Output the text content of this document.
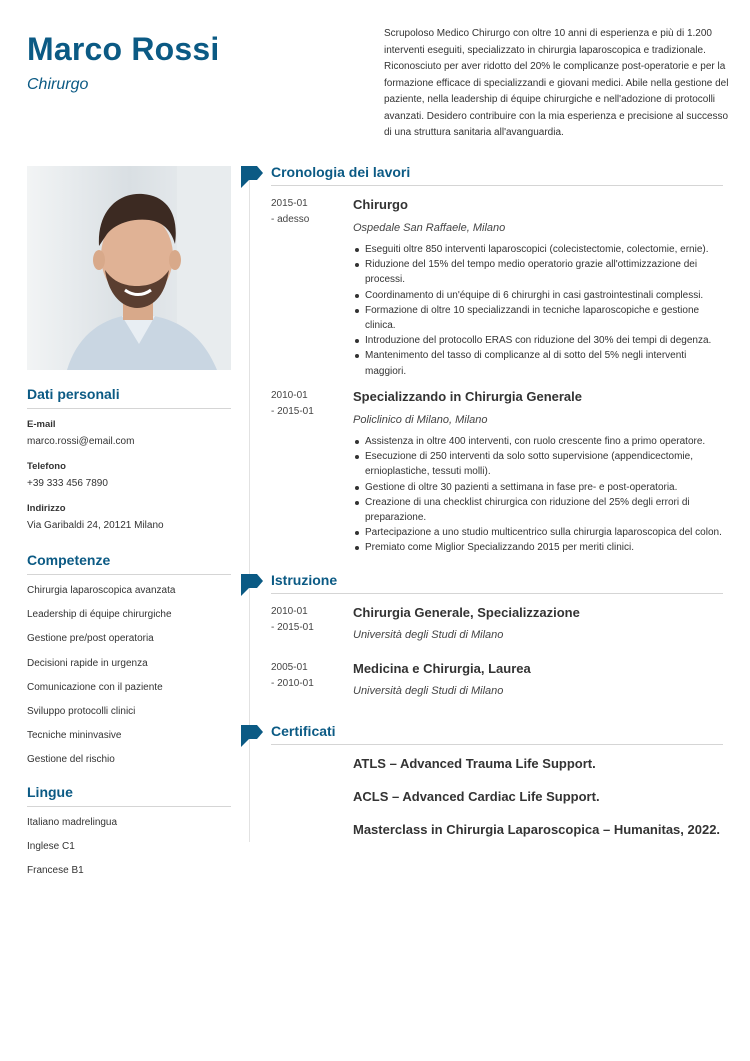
Marco Rossi
Chirurgo
Scrupoloso Medico Chirurgo con oltre 10 anni di esperienza e più di 1.200 interventi eseguiti, specializzato in chirurgia laparoscopica e tradizionale. Riconosciuto per aver ridotto del 20% le complicanze post-operatorie e per la formazione efficace di specializzandi e giovani medici. Abile nella gestione del paziente, nella leadership di équipe chirurgiche e nell'adozione di protocolli avanzati. Desidero contribuire con la mia esperienza e precisione al successo di una struttura sanitaria all'avanguardia.
Dati personali
E-mail
marco.rossi@email.com
Telefono
+39 333 456 7890
Indirizzo
Via Garibaldi 24, 20121 Milano
Competenze
Chirurgia laparoscopica avanzata
Leadership di équipe chirurgiche
Gestione pre/post operatoria
Decisioni rapide in urgenza
Comunicazione con il paziente
Sviluppo protocolli clinici
Tecniche mininvasive
Gestione del rischio
Lingue
Italiano madrelingua
Inglese C1
Francese B1
Cronologia dei lavori
2015-01
- adesso
Chirurgo
Ospedale San Raffaele, Milano
Eseguiti oltre 850 interventi laparoscopici (colecistectomie, colectomie, ernie).
Riduzione del 15% del tempo medio operatorio grazie all'ottimizzazione dei processi.
Coordinamento di un'équipe di 6 chirurghi in casi gastrointestinali complessi.
Formazione di oltre 10 specializzandi in tecniche laparoscopiche e gestione clinica.
Introduzione del protocollo ERAS con riduzione del 30% dei tempi di degenza.
Mantenimento del tasso di complicanze al di sotto del 5% negli interventi maggiori.
2010-01
- 2015-01
Specializzando in Chirurgia Generale
Policlinico di Milano, Milano
Assistenza in oltre 400 interventi, con ruolo crescente fino a primo operatore.
Esecuzione di 250 interventi da solo sotto supervisione (appendicectomie, ernioplastiche, tessuti molli).
Gestione di oltre 30 pazienti a settimana in fase pre- e post-operatoria.
Creazione di una checklist chirurgica con riduzione del 25% degli errori di preparazione.
Partecipazione a uno studio multicentrico sulla chirurgia laparoscopica del colon.
Premiato come Miglior Specializzando 2015 per meriti clinici.
Istruzione
2010-01
- 2015-01
Chirurgia Generale, Specializzazione
Università degli Studi di Milano
2005-01
- 2010-01
Medicina e Chirurgia, Laurea
Università degli Studi di Milano
Certificati
ATLS – Advanced Trauma Life Support.
ACLS – Advanced Cardiac Life Support.
Masterclass in Chirurgia Laparoscopica – Humanitas, 2022.
